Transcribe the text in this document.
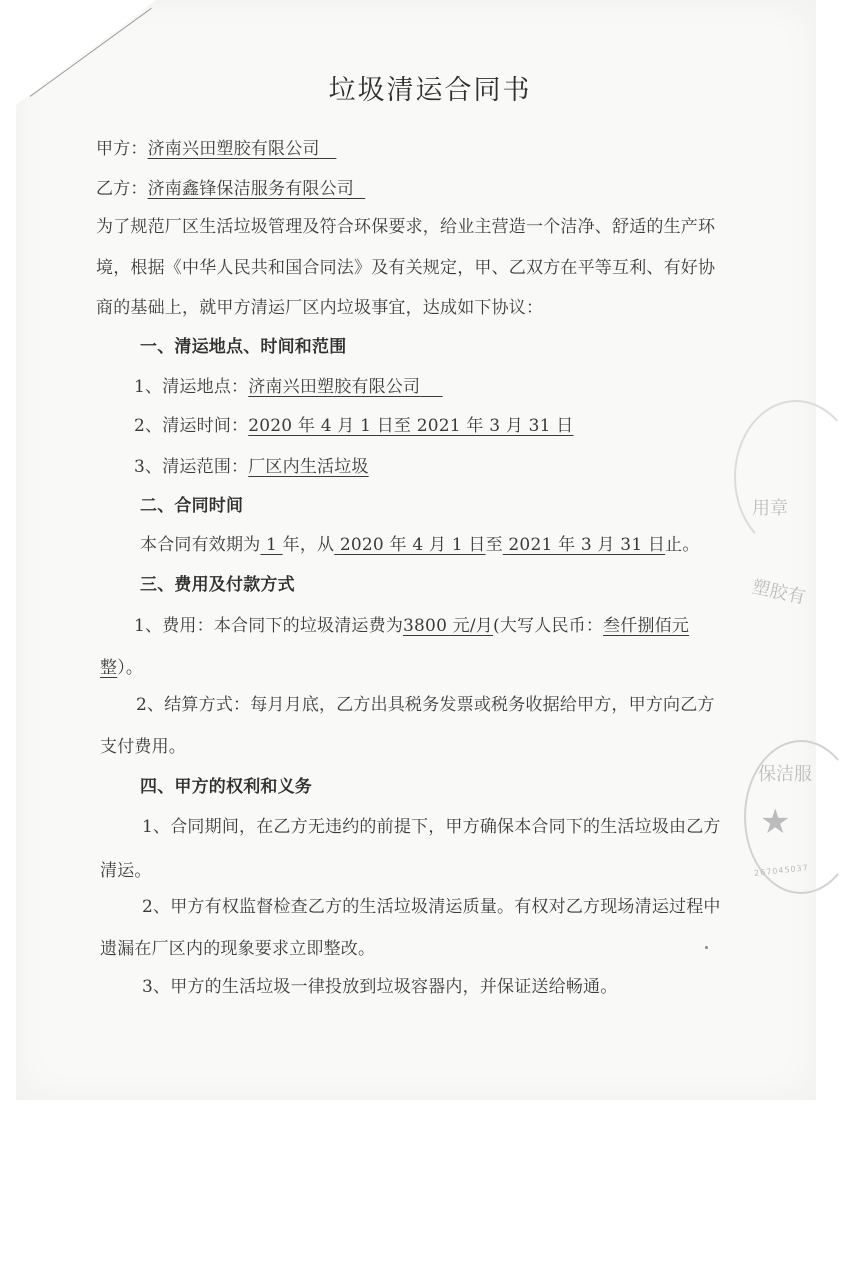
垃圾清运合同书
甲方：济南兴田塑胶有限公司
乙方：济南鑫锋保洁服务有限公司
为了规范厂区生活垃圾管理及符合环保要求，给业主营造一个洁净、舒适的生产环
境，根据《中华人民共和国合同法》及有关规定，甲、乙双方在平等互利、有好协
商的基础上，就甲方清运厂区内垃圾事宜，达成如下协议：
一、清运地点、时间和范围
1、清运地点：济南兴田塑胶有限公司
2、清运时间：2020 年 4 月 1 日至 2021 年 3 月 31 日
3、清运范围：厂区内生活垃圾
二、合同时间
本合同有效期为 1 年，从 2020 年 4 月 1 日至 2021 年 3 月 31 日止。
三、费用及付款方式
1、费用：本合同下的垃圾清运费为3800 元/月(大写人民币：叁仟捌佰元
整）。
2、结算方式：每月月底，乙方出具税务发票或税务收据给甲方，甲方向乙方
支付费用。
四、甲方的权利和义务
1、合同期间，在乙方无违约的前提下，甲方确保本合同下的生活垃圾由乙方
清运。
2、甲方有权监督检查乙方的生活垃圾清运质量。有权对乙方现场清运过程中
遗漏在厂区内的现象要求立即整改。
3、甲方的生活垃圾一律投放到垃圾容器内，并保证送给畅通。
用章
塑胶有
保洁服
★
267045037
